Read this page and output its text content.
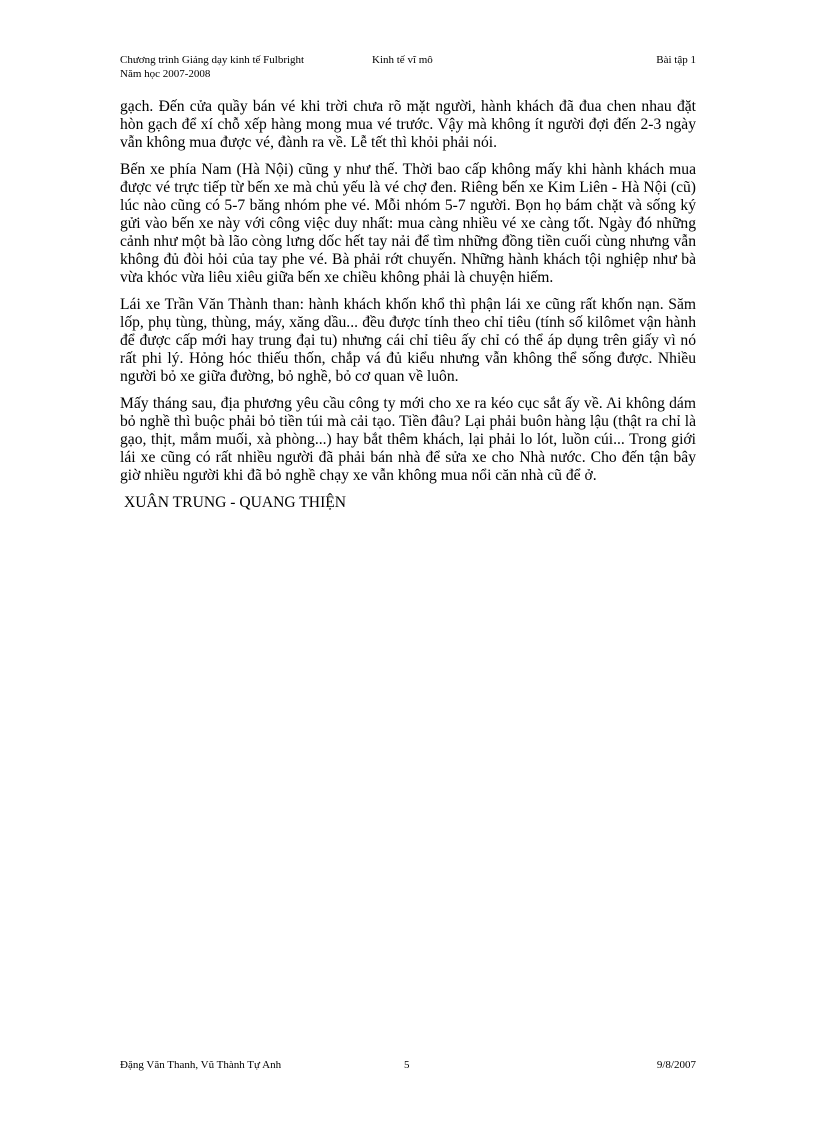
Chương trình Giảng dạy kinh tế Fulbright
Năm học 2007-2008
Kinh tế vĩ mô	Bài tập 1

gạch. Đến cửa quầy bán vé khi trời chưa rõ mặt người, hành khách đã đua chen nhau đặt hòn gạch để xí chỗ xếp hàng mong mua vé trước. Vậy mà không ít người đợi đến 2-3 ngày vẫn không mua được vé, đành ra về. Lễ tết thì khỏi phải nói.

Bến xe phía Nam (Hà Nội) cũng y như thế. Thời bao cấp không mấy khi hành khách mua được vé trực tiếp từ bến xe mà chủ yếu là vé chợ đen. Riêng bến xe Kim Liên - Hà Nội (cũ) lúc nào cũng có 5-7 băng nhóm phe vé. Mỗi nhóm 5-7 người. Bọn họ bám chặt và sống ký gửi vào bến xe này với công việc duy nhất: mua càng nhiều vé xe càng tốt. Ngày đó những cảnh như một bà lão còng lưng dốc hết tay nải để tìm những đồng tiền cuối cùng nhưng vẫn không đủ đòi hỏi của tay phe vé. Bà phải rớt chuyến. Những hành khách tội nghiệp như bà vừa khóc vừa liêu xiêu giữa bến xe chiều không phải là chuyện hiếm.

Lái xe Trần Văn Thành than: hành khách khốn khổ thì phận lái xe cũng rất khốn nạn. Săm lốp, phụ tùng, thùng, máy, xăng dầu... đều được tính theo chỉ tiêu (tính số kilômet vận hành để được cấp mới hay trung đại tu) nhưng cái chỉ tiêu ấy chỉ có thể áp dụng trên giấy vì nó rất phi lý. Hỏng hóc thiếu thốn, chắp vá đủ kiểu nhưng vẫn không thể sống được. Nhiều người bỏ xe giữa đường, bỏ nghề, bỏ cơ quan về luôn.

Mấy tháng sau, địa phương yêu cầu công ty mới cho xe ra kéo cục sắt ấy về. Ai không dám bỏ nghề thì buộc phải bỏ tiền túi mà cải tạo. Tiền đâu? Lại phải buôn hàng lậu (thật ra chỉ là gạo, thịt, mắm muối, xà phòng...) hay bắt thêm khách, lại phải lo lót, luồn cúi... Trong giới lái xe cũng có rất nhiều người đã phải bán nhà để sửa xe cho Nhà nước. Cho đến tận bây giờ nhiều người khi đã bỏ nghề chạy xe vẫn không mua nổi căn nhà cũ để ở.

XUÂN TRUNG - QUANG THIỆN

Đặng Văn Thanh, Vũ Thành Tự Anh	5	9/8/2007
